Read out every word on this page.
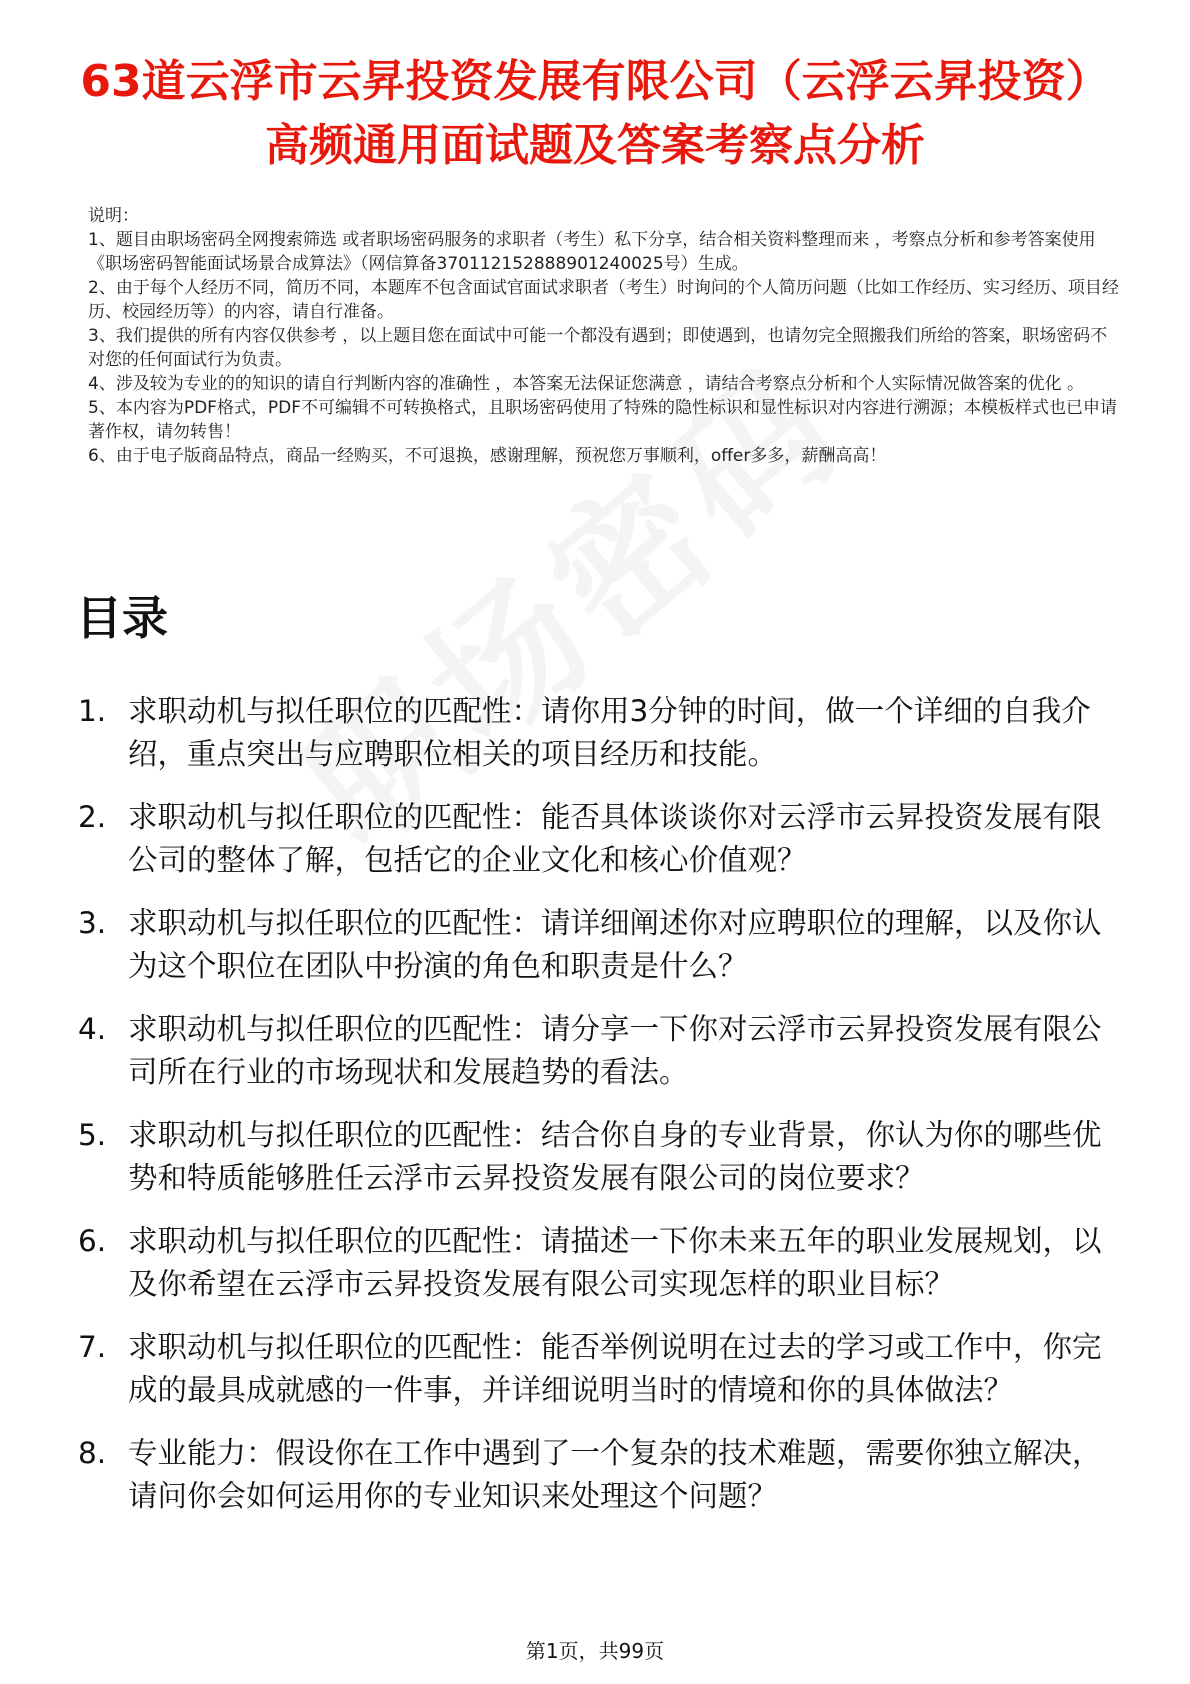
63道云浮市云昇投资发展有限公司（云浮云昇投资）高频通用面试题及答案考察点分析

说明：

1、题目由职场密码全网搜索筛选 或者职场密码服务的求职者（考生）私下分享，结合相关资料整理而来 ，考察点分析和参考答案使用《职场密码智能面试场景合成算法》（网信算备370112152888901240025号）生成。

2、由于每个人经历不同，简历不同，本题库不包含面试官面试求职者（考生）时询问的个人简历问题（比如工作经历、实习经历、项目经历、校园经历等）的内容，请自行准备。

3、我们提供的所有内容仅供参考 ，以上题目您在面试中可能一个都没有遇到；即使遇到，也请勿完全照搬我们所给的答案，职场密码不对您的任何面试行为负责。

4、涉及较为专业的的知识的请自行判断内容的准确性 ，本答案无法保证您满意 ，请结合考察点分析和个人实际情况做答案的优化 。

5、本内容为PDF格式，PDF不可编辑不可转换格式，且职场密码使用了特殊的隐性标识和显性标识对内容进行溯源；本模板样式也已申请著作权，请勿转售！

6、由于电子版商品特点，商品一经购买，不可退换，感谢理解，预祝您万事顺利，offer多多，薪酬高高！

目录
1. 求职动机与拟任职位的匹配性：请你用3分钟的时间，做一个详细的自我介绍，重点突出与应聘职位相关的项目经历和技能。
2. 求职动机与拟任职位的匹配性：能否具体谈谈你对云浮市云昇投资发展有限公司的整体了解，包括它的企业文化和核心价值观？
3. 求职动机与拟任职位的匹配性：请详细阐述你对应聘职位的理解，以及你认为这个职位在团队中扮演的角色和职责是什么？
4. 求职动机与拟任职位的匹配性：请分享一下你对云浮市云昇投资发展有限公司所在行业的市场现状和发展趋势的看法。
5. 求职动机与拟任职位的匹配性：结合你自身的专业背景，你认为你的哪些优势和特质能够胜任云浮市云昇投资发展有限公司的岗位要求？
6. 求职动机与拟任职位的匹配性：请描述一下你未来五年的职业发展规划，以及你希望在云浮市云昇投资发展有限公司实现怎样的职业目标？
7. 求职动机与拟任职位的匹配性：能否举例说明在过去的学习或工作中，你完成的最具成就感的一件事，并详细说明当时的情境和你的具体做法？
8. 专业能力：假设你在工作中遇到了一个复杂的技术难题，需要你独立解决，请问你会如何运用你的专业知识来处理这个问题？
第1页，共99页
